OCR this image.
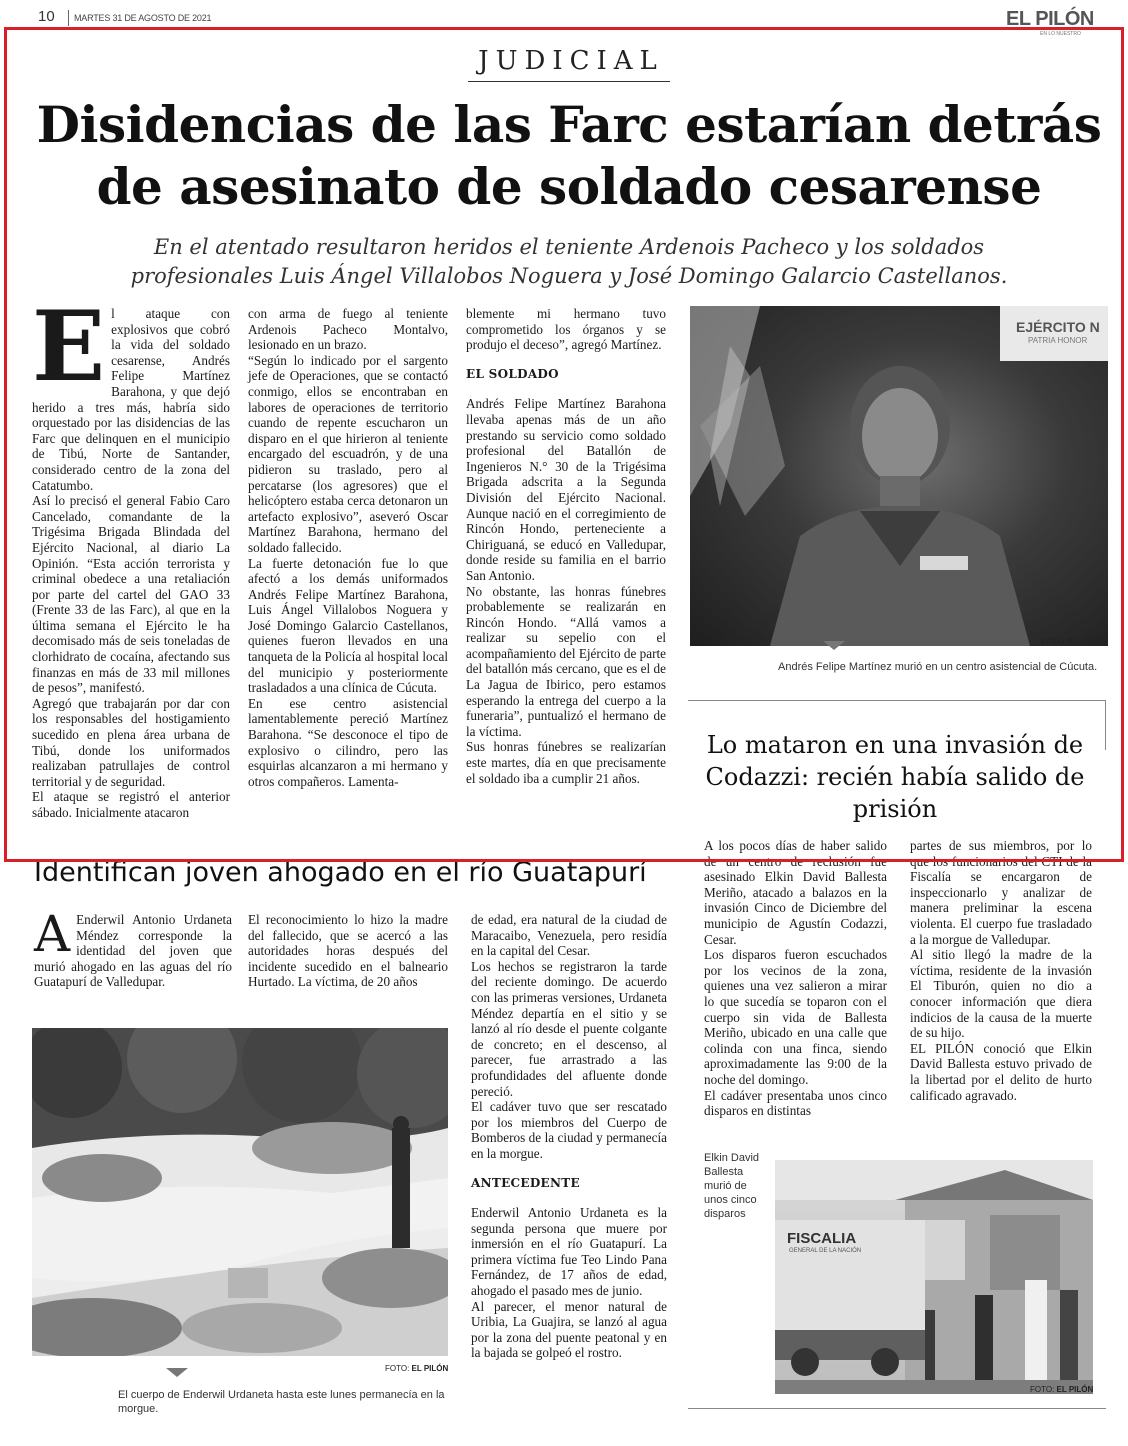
10 MARTES 31 DE AGOSTO DE 2021	EL PILÓN
EN LO NUESTRO
JUDICIAL
Disidencias de las Farc estarían detrás
de asesinato de soldado cesarense
En el atentado resultaron heridos el teniente Ardenois Pacheco y los soldados
profesionales Luis Ángel Villalobos Noguera y José Domingo Galarcio Castellanos.
E l ataque con explosivos que cobró la vida del soldado cesarense, Andrés Felipe Martínez Barahona, y que dejó herido a tres más, habría sido orquestado por las disidencias de las Farc que delinquen en el municipio de Tibú, Norte de Santander, considerado centro de la zona del Catatumbo.

Así lo precisó el general Fabio Caro Cancelado, comandante de la Trigésima Brigada Blindada del Ejército Nacional, al diario La Opinión. “Esta acción terrorista y criminal obedece a una retaliación por parte del cartel del GAO 33 (Frente 33 de las Farc), al que en la última semana el Ejército le ha decomisado más de seis toneladas de clorhidrato de cocaína, afectando sus finanzas en más de 33 mil millones de pesos”, manifestó.

Agregó que trabajarán por dar con los responsables del hostigamiento sucedido en plena área urbana de Tibú, donde los uniformados realizaban patrullajes de control territorial y de seguridad.

El ataque se registró el anterior sábado. Inicialmente atacaron

con arma de fuego al teniente Ardenois Pacheco Montalvo, lesionado en un brazo.

“Según lo indicado por el sargento jefe de Operaciones, que se contactó conmigo, ellos se encontraban en labores de operaciones de territorio cuando de repente escucharon un disparo en el que hirieron al teniente encargado del escuadrón, y de una pidieron su traslado, pero al percatarse (los agresores) que el helicóptero estaba cerca detonaron un artefacto explosivo”, aseveró Oscar Martínez Barahona, hermano del soldado fallecido.

La fuerte detonación fue lo que afectó a los demás uniformados Andrés Felipe Martínez Barahona, Luis Ángel Villalobos Noguera y José Domingo Galarcio Castellanos, quienes fueron llevados en una tanqueta de la Policía al hospital local del municipio y posteriormente trasladados a una clínica de Cúcuta.

En ese centro asistencial lamentablemente pereció Martínez Barahona. “Se desconoce el tipo de explosivo o cilindro, pero las esquirlas alcanzaron a mi hermano y otros compañeros. Lamenta-

blemente mi hermano tuvo comprometido los órganos y se produjo el deceso”, agregó Martínez.

EL SOLDADO

Andrés Felipe Martínez Barahona llevaba apenas más de un año prestando su servicio como soldado profesional del Batallón de Ingenieros N.° 30 de la Trigésima Brigada adscrita a la Segunda División del Ejército Nacional. Aunque nació en el corregimiento de Rincón Hondo, perteneciente a Chiriguaná, se educó en Valledupar, donde reside su familia en el barrio San Antonio.

No obstante, las honras fúnebres probablemente se realizarán en Rincón Hondo. “Allá vamos a realizar su sepelio con el acompañamiento del Ejército de parte del batallón más cercano, que es el de La Jagua de Ibirico, pero estamos esperando la entrega del cuerpo a la funeraria”, puntualizó el hermano de la víctima.

Sus honras fúnebres se realizarían este martes, día en que precisamente el soldado iba a cumplir 21 años.

EJÉRCITO N
PATRIA HONOR
FOTO: EL PILÓN
Andrés Felipe Martínez murió en un centro asistencial de Cúcuta.
Lo mataron en una invasión de Codazzi: recién había salido de prisión

A los pocos días de haber salido de un centro de reclusión fue asesinado Elkin David Ballesta Meriño, atacado a balazos en la invasión Cinco de Diciembre del municipio de Agustín Codazzi, Cesar.

Los disparos fueron escuchados por los vecinos de la zona, quienes una vez salieron a mirar lo que sucedía se toparon con el cuerpo sin vida de Ballesta Meriño, ubicado en una calle que colinda con una finca, siendo aproximadamente las 9:00 de la noche del domingo.

El cadáver presentaba unos cinco disparos en distintas

partes de sus miembros, por lo que los funcionarios del CTI de la Fiscalía se encargaron de inspeccionarlo y analizar de manera preliminar la escena violenta. El cuerpo fue trasladado a la morgue de Valledupar.

Al sitio llegó la madre de la víctima, residente de la invasión El Tiburón, quien no dio a conocer información que diera indicios de la causa de la muerte de su hijo.

EL PILÓN conoció que Elkin David Ballesta estuvo privado de la libertad por el delito de hurto calificado agravado.

Elkin David Ballesta murió de unos cinco disparos
FISCALIA
GENERAL DE LA NACIÓN
FOTO: EL PILÓN
Identifican joven ahogado en el río Guatapurí
A Enderwil Antonio Urdaneta Méndez corresponde la identidad del joven que murió ahogado en las aguas del río Guatapurí de Valledupar.

El reconocimiento lo hizo la madre del fallecido, que se acercó a las autoridades horas después del incidente sucedido en el balneario Hurtado. La víctima, de 20 años

de edad, era natural de la ciudad de Maracaibo, Venezuela, pero residía en la capital del Cesar.

Los hechos se registraron la tarde del reciente domingo. De acuerdo con las primeras versiones, Urdaneta Méndez departía en el sitio y se lanzó al río desde el puente colgante de concreto; en el descenso, al parecer, fue arrastrado a las profundidades del afluente donde pereció.

El cadáver tuvo que ser rescatado por los miembros del Cuerpo de Bomberos de la ciudad y permanecía en la morgue.

ANTECEDENTE

Enderwil Antonio Urdaneta es la segunda persona que muere por inmersión en el río Guatapurí. La primera víctima fue Teo Lindo Pana Fernández, de 17 años de edad, ahogado el pasado mes de junio.

Al parecer, el menor natural de Uribia, La Guajira, se lanzó al agua por la zona del puente peatonal y en la bajada se golpeó el rostro.

FOTO: EL PILÓN
El cuerpo de Enderwil Urdaneta hasta este lunes permanecía en la morgue.
